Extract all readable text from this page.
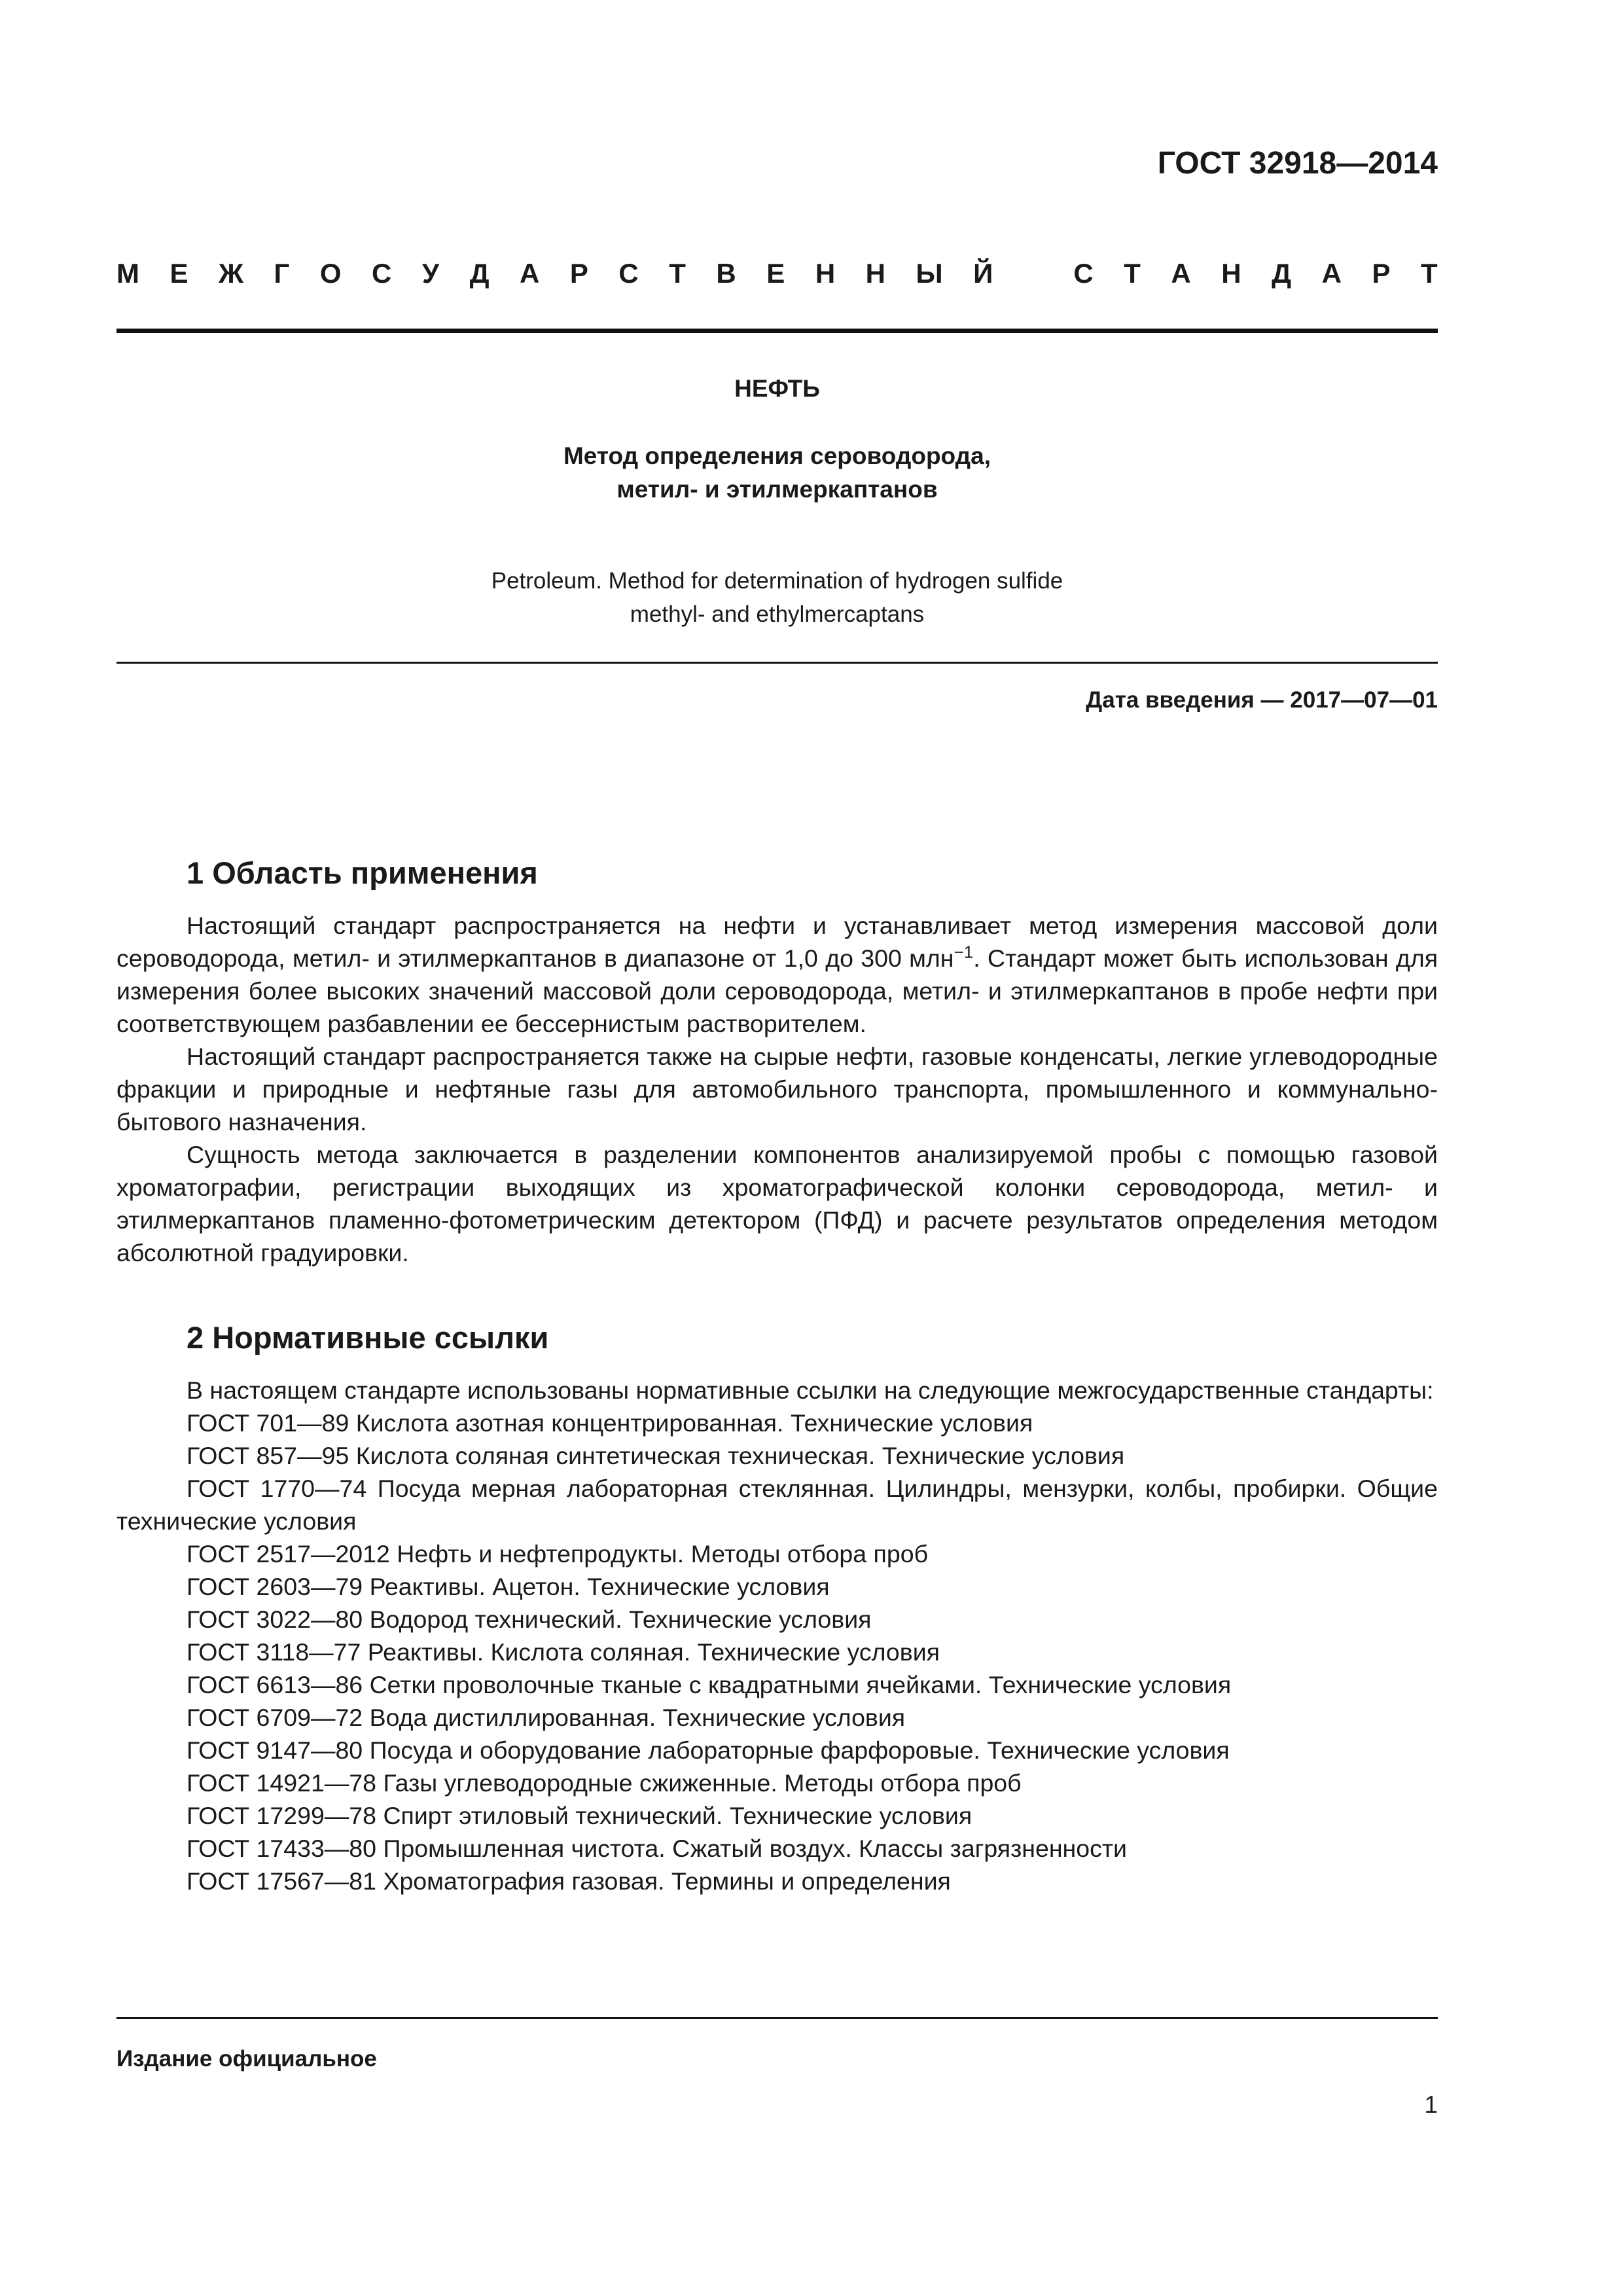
ГОСТ 32918—2014
М Е Ж Г О С У Д А Р С Т В Е Н Н Ы Й	С Т А Н Д А Р Т
НЕФТЬ
Метод определения сероводорода,
метил- и этилмеркаптанов
Petroleum. Method for determination of hydrogen sulfide
methyl- and ethylmercaptans
Дата введения — 2017—07—01
1 Область применения

Настоящий стандарт распространяется на нефти и устанавливает метод измерения массовой доли сероводорода, метил- и этилмеркаптанов в диапазоне от 1,0 до 300 млн$^{-1}$. Стандарт может быть использован для измерения более высоких значений массовой доли сероводорода, метил- и этилмеркаптанов в пробе нефти при соответствующем разбавлении ее бессернистым растворителем.

Настоящий стандарт распространяется также на сырые нефти, газовые конденсаты, легкие углеводородные фракции и природные и нефтяные газы для автомобильного транспорта, промышленного и коммунально-бытового назначения.

Сущность метода заключается в разделении компонентов анализируемой пробы с помощью газовой хроматографии, регистрации выходящих из хроматографической колонки сероводорода, метил- и этилмеркаптанов пламенно-фотометрическим детектором (ПФД) и расчете результатов определения методом абсолютной градуировки.

2 Нормативные ссылки

В настоящем стандарте использованы нормативные ссылки на следующие межгосударственные стандарты:

ГОСТ 701—89 Кислота азотная концентрированная. Технические условия
ГОСТ 857—95 Кислота соляная синтетическая техническая. Технические условия
ГОСТ 1770—74 Посуда мерная лабораторная стеклянная. Цилиндры, мензурки, колбы, пробирки. Общие технические условия
ГОСТ 2517—2012 Нефть и нефтепродукты. Методы отбора проб
ГОСТ 2603—79 Реактивы. Ацетон. Технические условия
ГОСТ 3022—80 Водород технический. Технические условия
ГОСТ 3118—77 Реактивы. Кислота соляная. Технические условия
ГОСТ 6613—86 Сетки проволочные тканые с квадратными ячейками. Технические условия
ГОСТ 6709—72 Вода дистиллированная. Технические условия
ГОСТ 9147—80 Посуда и оборудование лабораторные фарфоровые. Технические условия
ГОСТ 14921—78 Газы углеводородные сжиженные. Методы отбора проб
ГОСТ 17299—78 Спирт этиловый технический. Технические условия
ГОСТ 17433—80 Промышленная чистота. Сжатый воздух. Классы загрязненности
ГОСТ 17567—81 Хроматография газовая. Термины и определения
Издание официальное
1
